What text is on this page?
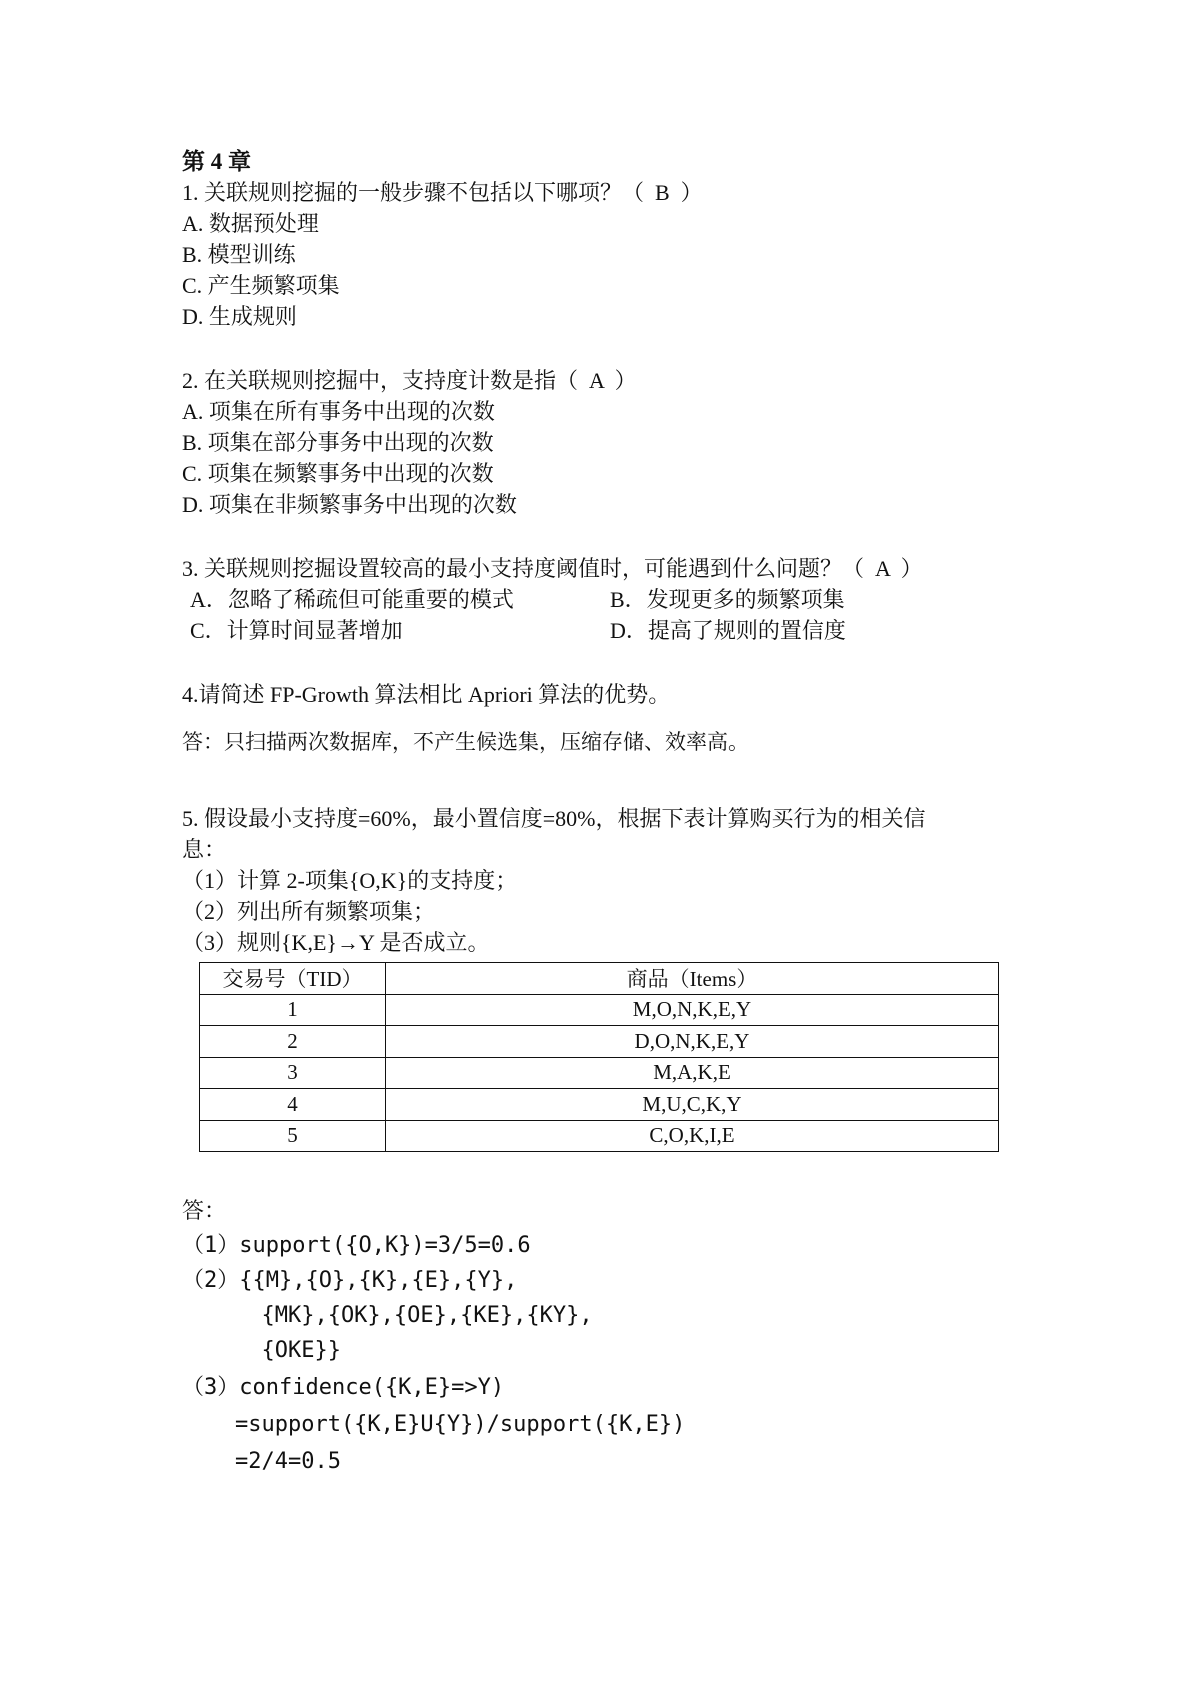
第 4 章
1. 关联规则挖掘的一般步骤不包括以下哪项？（  B  ）
A. 数据预处理
B. 模型训练
C. 产生频繁项集
D. 生成规则
2. 在关联规则挖掘中，支持度计数是指（  A  ）
A. 项集在所有事务中出现的次数
B. 项集在部分事务中出现的次数
C. 项集在频繁事务中出现的次数
D. 项集在非频繁事务中出现的次数
3. 关联规则挖掘设置较高的最小支持度阈值时，可能遇到什么问题？（  A  ）
A．忽略了稀疏但可能重要的模式	B．发现更多的频繁项集
C．计算时间显著增加	D．提高了规则的置信度
4.请简述 FP-Growth 算法相比 Apriori 算法的优势。
答：只扫描两次数据库，不产生候选集，压缩存储、效率高。
5. 假设最小支持度=60%，最小置信度=80%，根据下表计算购买行为的相关信
息：
（1）计算 2-项集{O,K}的支持度；
（2）列出所有频繁项集；
（3）规则{K,E}→Y 是否成立。
交易号（TID）	商品（Items）
1	M,O,N,K,E,Y
2	D,O,N,K,E,Y
3	M,A,K,E
4	M,U,C,K,Y
5	C,O,K,I,E
答：
（1）support({O,K})=3/5=0.6
（2）{{M},{O},{K},{E},{Y},
{MK},{OK},{OE},{KE},{KY},
{OKE}}
（3）confidence({K,E}=>Y)
=support({K,E}U{Y})/support({K,E})
=2/4=0.5
